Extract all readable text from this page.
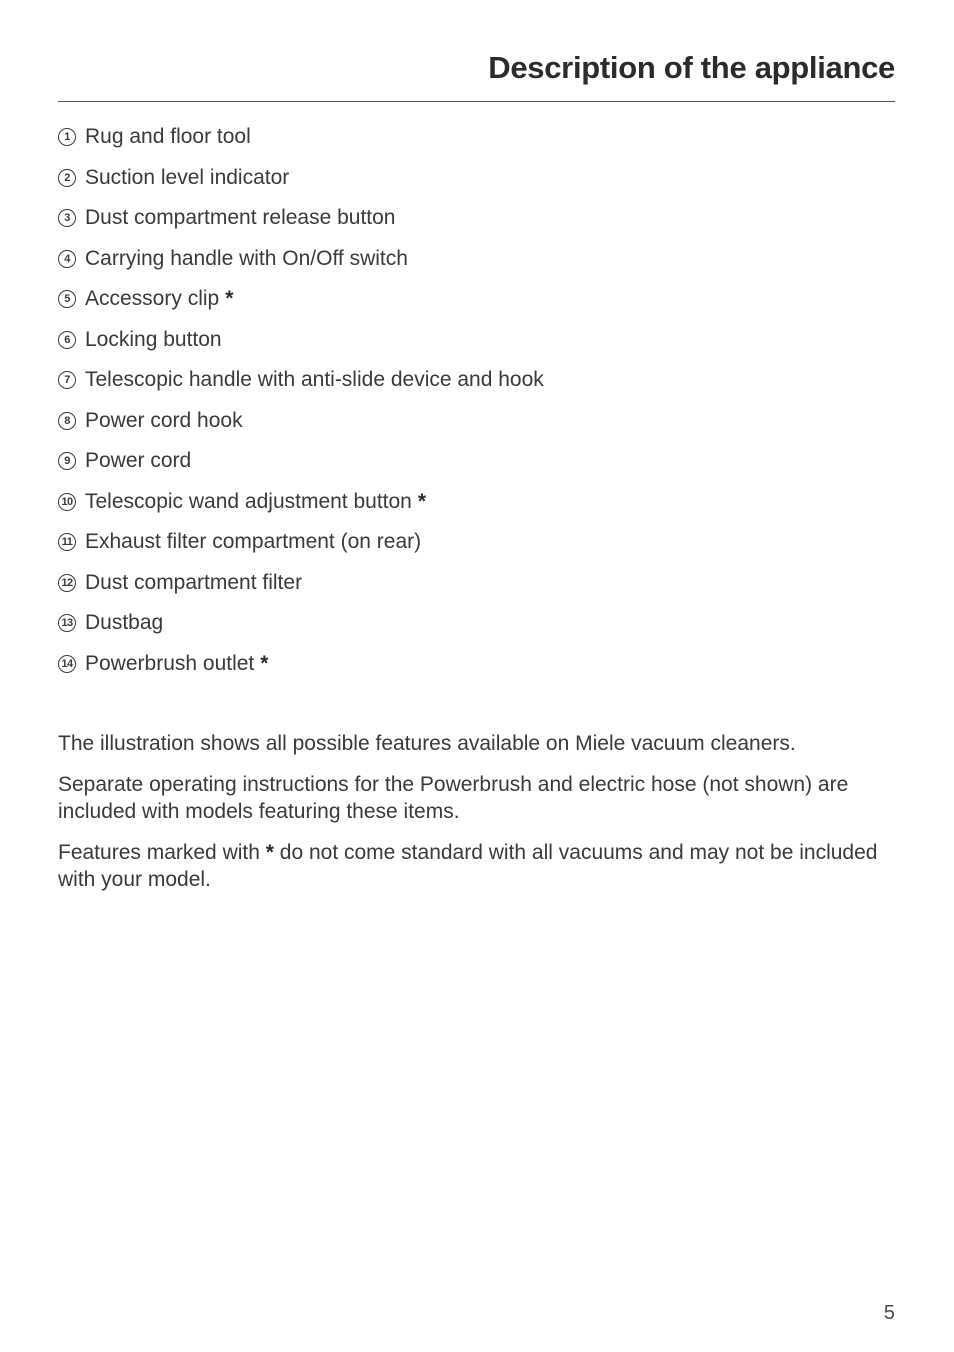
Description of the appliance
1 Rug and floor tool
2 Suction level indicator
3 Dust compartment release button
4 Carrying handle with On/Off switch
5 Accessory clip *
6 Locking button
7 Telescopic handle with anti-slide device and hook
8 Power cord hook
9 Power cord
10 Telescopic wand adjustment button *
11 Exhaust filter compartment (on rear)
12 Dust compartment filter
13 Dustbag
14 Powerbrush outlet *

The illustration shows all possible features available on Miele vacuum cleaners.

Separate operating instructions for the Powerbrush and electric hose (not shown) are included with models featuring these items.

Features marked with * do not come standard with all vacuums and may not be included with your model.

5
